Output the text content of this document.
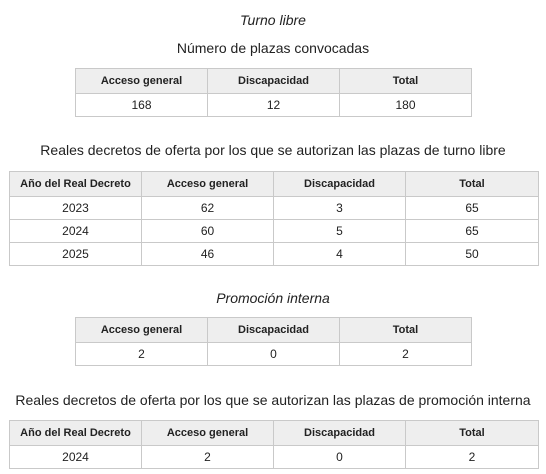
Turno libre
Número de plazas convocadas
Acceso general	Discapacidad	Total
168	12	180
Reales decretos de oferta por los que se autorizan las plazas de turno libre
Año del Real Decreto	Acceso general	Discapacidad	Total
2023	62	3	65
2024	60	5	65
2025	46	4	50
Promoción interna
Acceso general	Discapacidad	Total
2	0	2
Reales decretos de oferta por los que se autorizan las plazas de promoción interna
Año del Real Decreto	Acceso general	Discapacidad	Total
2024	2	0	2
